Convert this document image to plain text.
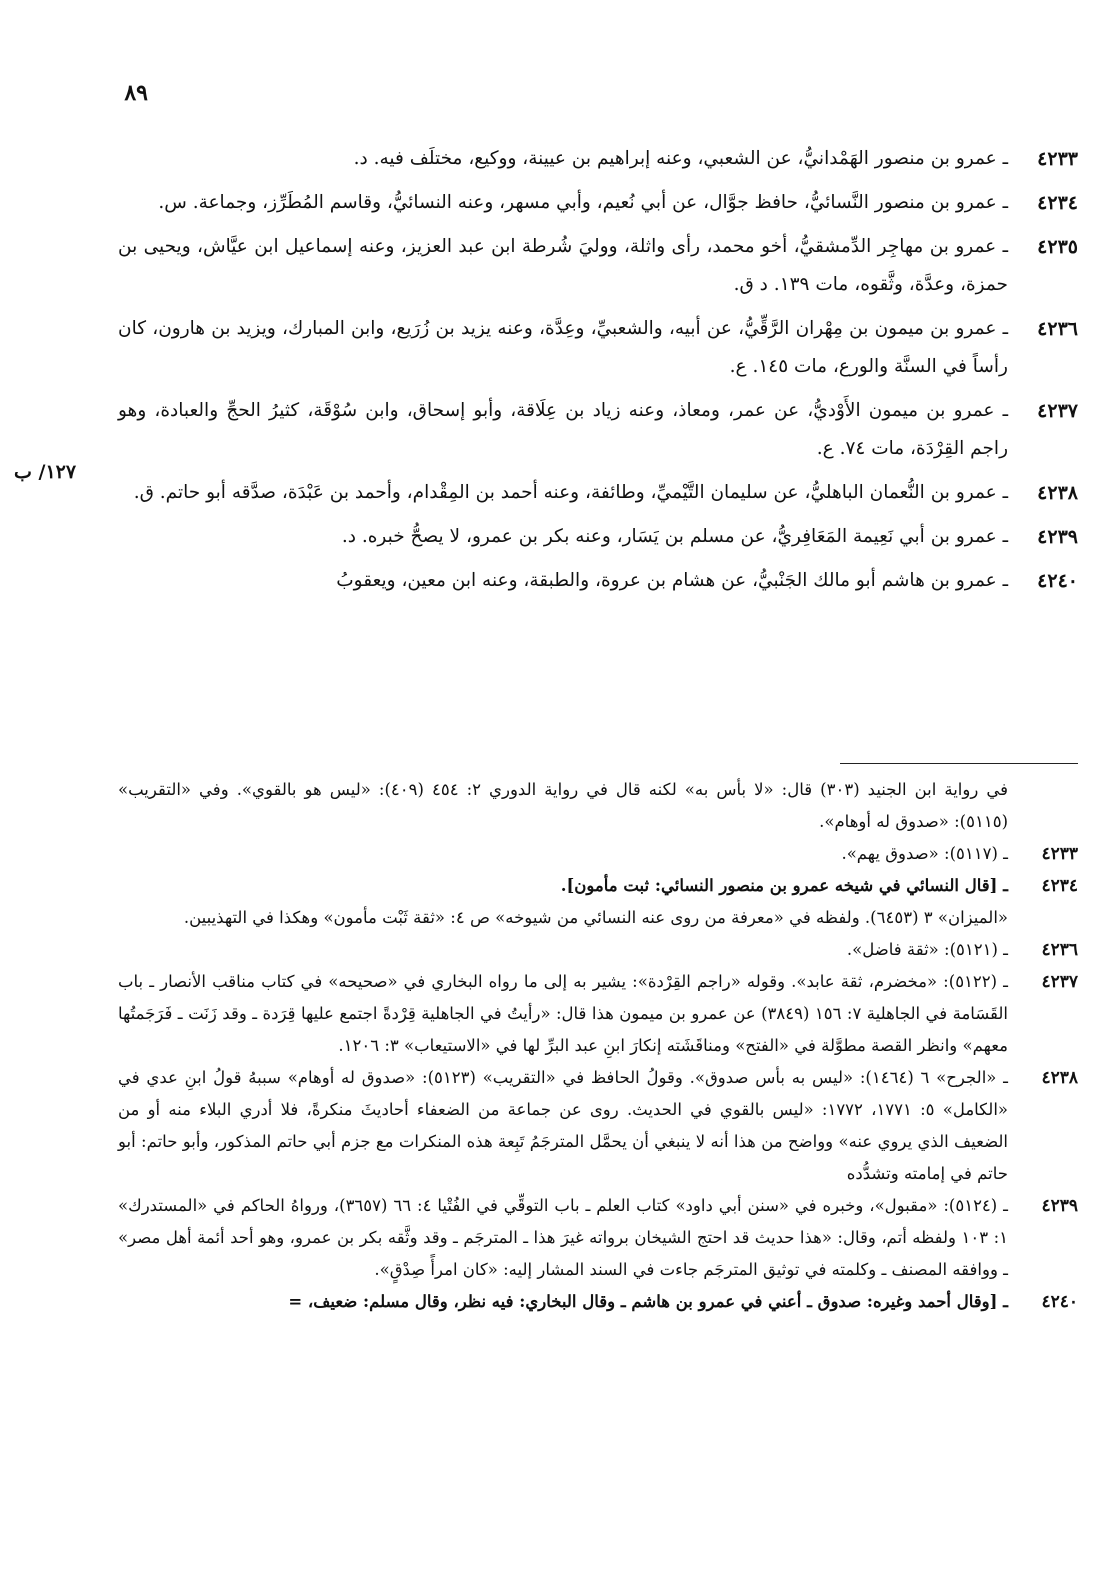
٨٩
١٢٧/ ب
٤٢٣٣
ـ عمرو بن منصور الهَمْدانيُّ، عن الشعبي، وعنه إبراهيم بن عيينة، ووكيع، مختلَف فيه. د.
٤٢٣٤
ـ عمرو بن منصور النَّسائيُّ، حافظ جوَّال، عن أبي نُعيم، وأبي مسهر، وعنه النسائيُّ، وقاسم المُطَرِّز، وجماعة. س.
٤٢٣٥
ـ عمرو بن مهاجِر الدِّمشقيُّ، أخو محمد، رأى واثلة، ووليَ شُرطة ابن عبد العزيز، وعنه إسماعيل ابن عيَّاش، ويحيى بن حمزة، وعدَّة، وثَّقوه، مات ١٣٩. د ق.
٤٢٣٦
ـ عمرو بن ميمون بن مِهْران الرَّقِّيُّ، عن أبيه، والشعبيِّ، وعِدَّة، وعنه يزيد بن زُرَيع، وابن المبارك، ويزيد بن هارون، كان رأساً في السنَّة والورع، مات ١٤٥. ع.
٤٢٣٧
ـ عمرو بن ميمون الأَوْديُّ، عن عمر، ومعاذ، وعنه زياد بن عِلَاقة، وأبو إسحاق، وابن سُوْقَة، كثيرُ الحجِّ والعبادة، وهو راجم القِرْدَة، مات ٧٤. ع.
٤٢٣٨
ـ عمرو بن النُّعمان الباهليُّ، عن سليمان التَّيْميِّ، وطائفة، وعنه أحمد بن المِقْدام، وأحمد بن عَبْدَة، صدَّقه أبو حاتم. ق.
٤٢٣٩
ـ عمرو بن أبي نَعِيمة المَعَافِريُّ، عن مسلم بن يَسَار، وعنه بكر بن عمرو، لا يصحُّ خبره. د.
٤٢٤٠
ـ عمرو بن هاشم أبو مالك الجَنْبيُّ، عن هشام بن عروة، والطبقة، وعنه ابن معين، ويعقوبُ
في رواية ابن الجنيد (٣٠٣) قال: «لا بأس به» لكنه قال في رواية الدوري ٢: ٤٥٤ (٤٠٩): «ليس هو بالقوي». وفي «التقريب» (٥١١٥): «صدوق له أوهام».
٤٢٣٣
ـ (٥١١٧): «صدوق يهم».
٤٢٣٤
ـ [قال النسائي في شيخه عمرو بن منصور النسائي: ثبت مأمون].
«الميزان» ٣ (٦٤٥٣). ولفظه في «معرفة من روى عنه النسائي من شيوخه» ص ٤: «ثقة ثَبْت مأمون» وهكذا في التهذيبين.
٤٢٣٦
ـ (٥١٢١): «ثقة فاضل».
٤٢٣٧
ـ (٥١٢٢): «مخضرم، ثقة عابد». وقوله «راجم القِرْدة»: يشير به إلى ما رواه البخاري في «صحيحه» في كتاب مناقب الأنصار ـ باب القَسَامة في الجاهلية ٧: ١٥٦ (٣٨٤٩) عن عمرو بن ميمون هذا قال: «رأيتُ في الجاهلية قِرْدةً اجتمع عليها قِرَدة ـ وقد زَنَت ـ فَرَجَمتُها معهم» وانظر القصة مطوَّلة في «الفتح» ومناقَشَته إنكارَ ابنِ عبد البرِّ لها في «الاستيعاب» ٣: ١٢٠٦.
٤٢٣٨
ـ «الجرح» ٦ (١٤٦٤): «ليس به بأس صدوق». وقولُ الحافظ في «التقريب» (٥١٢٣): «صدوق له أوهام» سببهُ قولُ ابنِ عدي في «الكامل» ٥: ١٧٧١، ١٧٧٢: «ليس بالقوي في الحديث. روى عن جماعة من الضعفاء أحاديثَ منكرةً، فلا أدري البلاء منه أو من الضعيف الذي يروي عنه» وواضح من هذا أنه لا ينبغي أن يحمَّل المترجَمُ تَبِعة هذه المنكرات مع جزم أبي حاتم المذكور، وأبو حاتم: أبو حاتم في إمامته وتشدُّده
٤٢٣٩
ـ (٥١٢٤): «مقبول»، وخبره في «سنن أبي داود» كتاب العلم ـ باب التوقِّي في الفُتْيا ٤: ٦٦ (٣٦٥٧)، ورواهُ الحاكم في «المستدرك» ١: ١٠٣ ولفظه أتم، وقال: «هذا حديث قد احتج الشيخان برواته غيرَ هذا ـ المترجَم ـ وقد وثَّقه بكر بن عمرو، وهو أحد أئمة أهل مصر» ـ ووافقه المصنف ـ وكلمته في توثيق المترجَم جاءت في السند المشار إليه: «كان امرأً صِدْقٍ».
٤٢٤٠
ـ [وقال أحمد وغيره: صدوق ـ أعني في عمرو بن هاشم ـ وقال البخاري: فيه نظر، وقال مسلم: ضعيف، =
